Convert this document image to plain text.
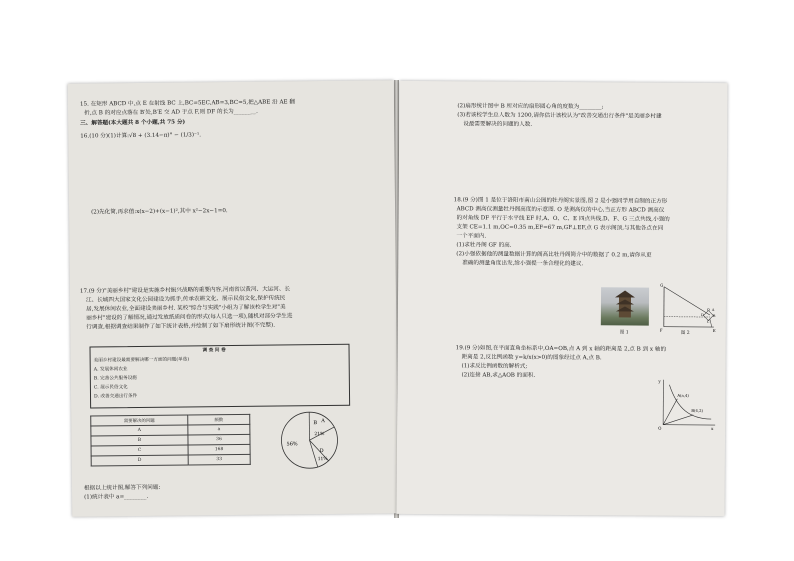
15. 在矩形 ABCD 中,点 E 在射线 BC 上,BC=5EC,AB=3,BC=5,把△ABE 沿 AE 翻
折,点 B 的对应点落在 B′处,B′E 交 AD 于点 F,则 DF 的长为________.
三、解答题(本大题共 8 个小题,共 75 分)
16.(10 分)(1)计算:√8 + (3.14−π)° − (1/3)⁻¹.
(2)先化简,再求值:x(x−2)+(x−1)²,其中 x²−2x−1=0.
17.(9 分)"美丽乡村"建设是实施乡村振兴战略的重要内容,河南省以黄河、大运河、长
江、长城四大国家文化公园建设为抓手,传承农耕文化、展示民俗文化,保护传统民
居,发展休闲农业,全面建设美丽乡村. 某校"综合与实践"小组为了解该校学生对"美
丽乡村"建设的了解情况,通过发放纸质问卷的形式(每人只选一项),随机对部分学生进
行调查,根据调查结果制作了如下统计表格,并绘制了如下扇形统计图(不完整).
调 查 问 卷
美丽乡村建设最需要解决哪一方面的问题(单选)
A. 发展休闲农业
B. 完善公共服务设施
C. 展示民俗文化
D. 改善交通出行条件
需要解决的问题	频数
A	a
B	36
C	168
D	33
B A
21%
56%
D
11%
根据以上统计图,解答下列问题:
(1)统计表中 a=________.
(2)扇形统计图中 B 所对应的扇形圆心角的度数为________;
(3)若该校学生总人数为 1200,请你估计该校认为"改善交通出行条件"是美丽乡村建
设最需要解决的问题的人数.
18.(9 分)图 1 是位于洛阳市南山公园的牡丹阁实景图,图 2 是小强同学用自制的正方形
ABCD 测高仪测量牡丹阁高度的示意图. O 是测高仪的中心,当正方形 ABCD 测高仪
的对角线 DF 平行于水平线 EF 时,A、O、C、E 四点共线,D、F、G 三点共线,小强的
支架 CE=1.1 m,OC=0.35 m,EF=67 m,GF⊥EF,点 G 表示阁顶,与其他各点在同
一个平面内.
(1)求牡丹阁 GF 的高.
(2)小强依据他的测量数据计算的阁高比牡丹阁简介中的数据了 0.2 m,请你从更
准确的测量角度出发,给小强提一条合理化的建议.
图 1
G
F	E
A
O
D	B
C
图 2
19.(9 分)如图,在平面直角坐标系中,OA=OB,点 A 到 x 轴的距离是 2,点 B 到 x 轴的
距离是 2,反比例函数 y=k/x(x>0)的图象经过点 A,点 B.
(1)求反比例函数的解析式;
(2)连接 AB,求△AOB 的面积.
y
A(a,4)
B(4,2)
O	x
